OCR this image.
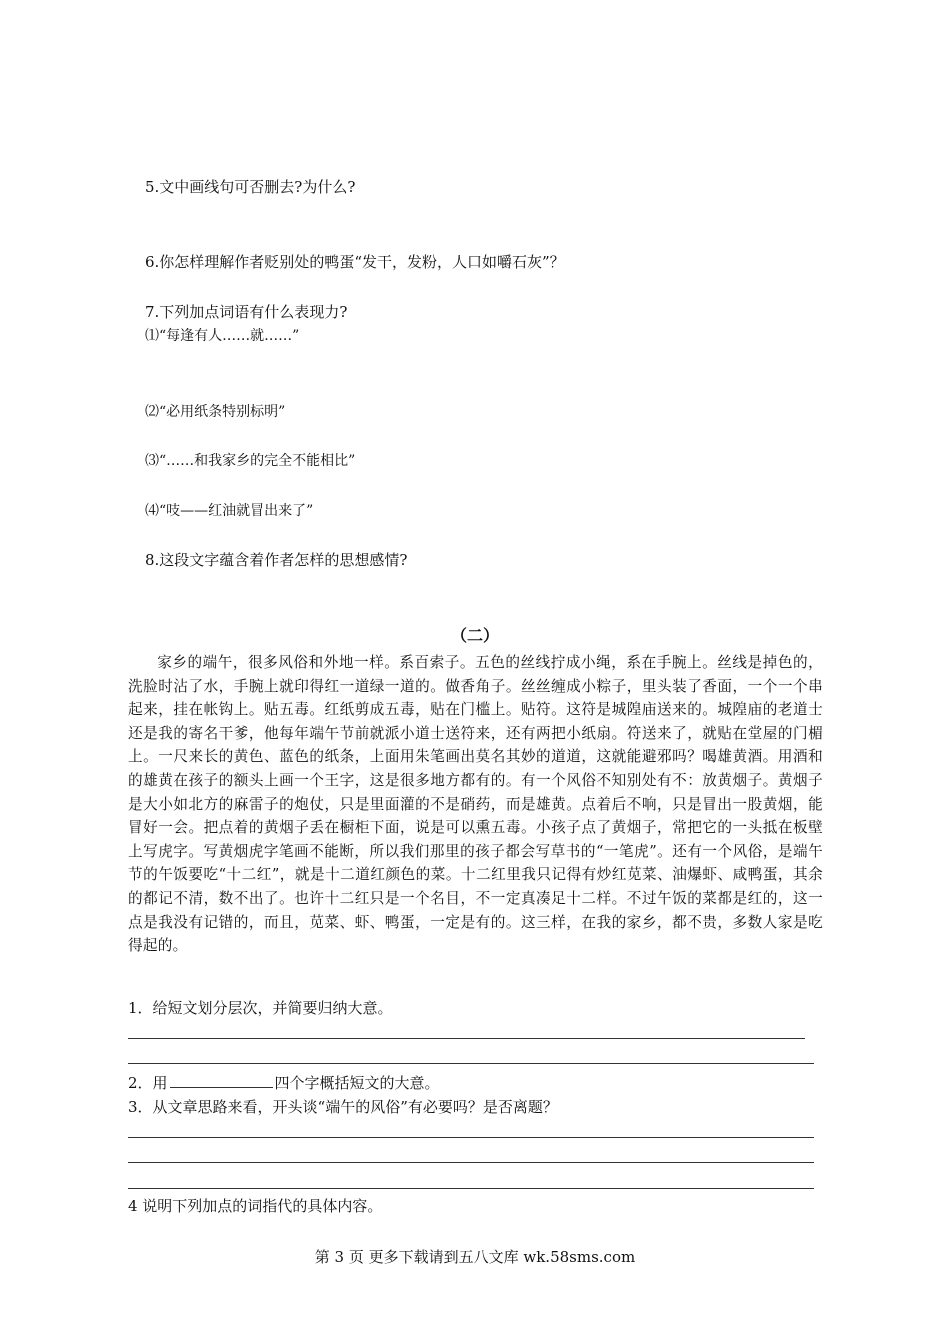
5.文中画线句可否删去?为什么?
6.你怎样理解作者贬别处的鸭蛋“发干，发粉，人口如嚼石灰”？
7.下列加点词语有什么表现力?
⑴“每逢有人……就……”
⑵“必用纸条特别标明”
⑶“……和我家乡的完全不能相比”
⑷“吱——红油就冒出来了”
8.这段文字蕴含着作者怎样的思想感情?
（二）
家乡的端午，很多风俗和外地一样。系百索子。五色的丝线拧成小绳，系在手腕上。丝线是掉色的，洗脸时沾了水，手腕上就印得红一道绿一道的。做香角子。丝丝缠成小粽子，里头装了香面，一个一个串起来，挂在帐钩上。贴五毒。红纸剪成五毒，贴在门槛上。贴符。这符是城隍庙送来的。城隍庙的老道士还是我的寄名干爹，他每年端午节前就派小道士送符来，还有两把小纸扇。符送来了，就贴在堂屋的门楣上。一尺来长的黄色、蓝色的纸条，上面用朱笔画出莫名其妙的道道，这就能避邪吗？喝雄黄酒。用酒和的雄黄在孩子的额头上画一个王字，这是很多地方都有的。有一个风俗不知别处有不：放黄烟子。黄烟子是大小如北方的麻雷子的炮仗，只是里面灌的不是硝药，而是雄黄。点着后不响，只是冒出一股黄烟，能冒好一会。把点着的黄烟子丢在橱柜下面，说是可以熏五毒。小孩子点了黄烟子，常把它的一头抵在板壁上写虎字。写黄烟虎字笔画不能断，所以我们那里的孩子都会写草书的“一笔虎”。还有一个风俗，是端午节的午饭要吃“十二红”，就是十二道红颜色的菜。十二红里我只记得有炒红苋菜、油爆虾、咸鸭蛋，其余的都记不清，数不出了。也许十二红只是一个名目，不一定真凑足十二样。不过午饭的菜都是红的，这一点是我没有记错的，而且，苋菜、虾、鸭蛋，一定是有的。这三样，在我的家乡，都不贵，多数人家是吃得起的。
1．给短文划分层次，并简要归纳大意。
2．用	四个字概括短文的大意。
3．从文章思路来看，开头谈“端午的风俗”有必要吗？是否离题？
4 说明下列加点的词指代的具体内容。
第 3 页 更多下载请到五八文库 wk.58sms.com
